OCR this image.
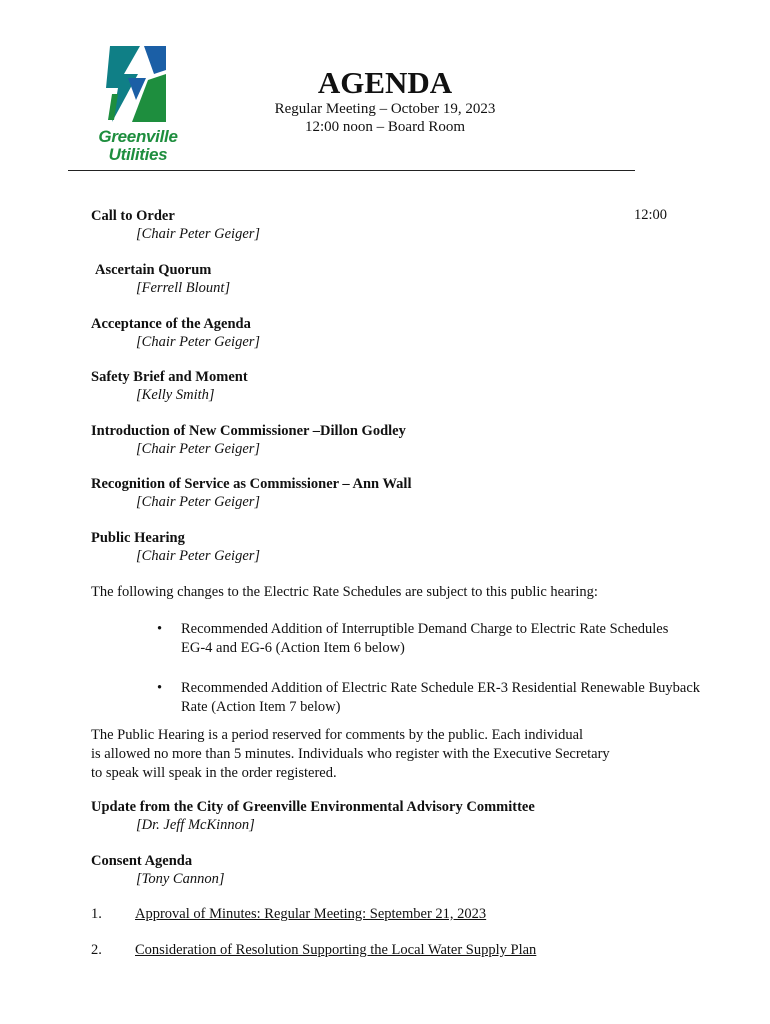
Greenville
Utilities
AGENDA
Regular Meeting – October 19, 2023
12:00 noon – Board Room
12:00
Call to Order
[Chair Peter Geiger]
Ascertain Quorum
[Ferrell Blount]
Acceptance of the Agenda
[Chair Peter Geiger]
Safety Brief and Moment
[Kelly Smith]
Introduction of New Commissioner –Dillon Godley
[Chair Peter Geiger]
Recognition of Service as Commissioner – Ann Wall
[Chair Peter Geiger]
Public Hearing
[Chair Peter Geiger]
The following changes to the Electric Rate Schedules are subject to this public hearing:
• Recommended Addition of Interruptible Demand Charge to Electric Rate Schedules
EG-4 and EG-6 (Action Item 6 below)
• Recommended Addition of Electric Rate Schedule ER-3 Residential Renewable Buyback
Rate (Action Item 7 below)
The Public Hearing is a period reserved for comments by the public. Each individual
is allowed no more than 5 minutes. Individuals who register with the Executive Secretary
to speak will speak in the order registered.
Update from the City of Greenville Environmental Advisory Committee
[Dr. Jeff McKinnon]
Consent Agenda
[Tony Cannon]
1. Approval of Minutes: Regular Meeting: September 21, 2023
2. Consideration of Resolution Supporting the Local Water Supply Plan
